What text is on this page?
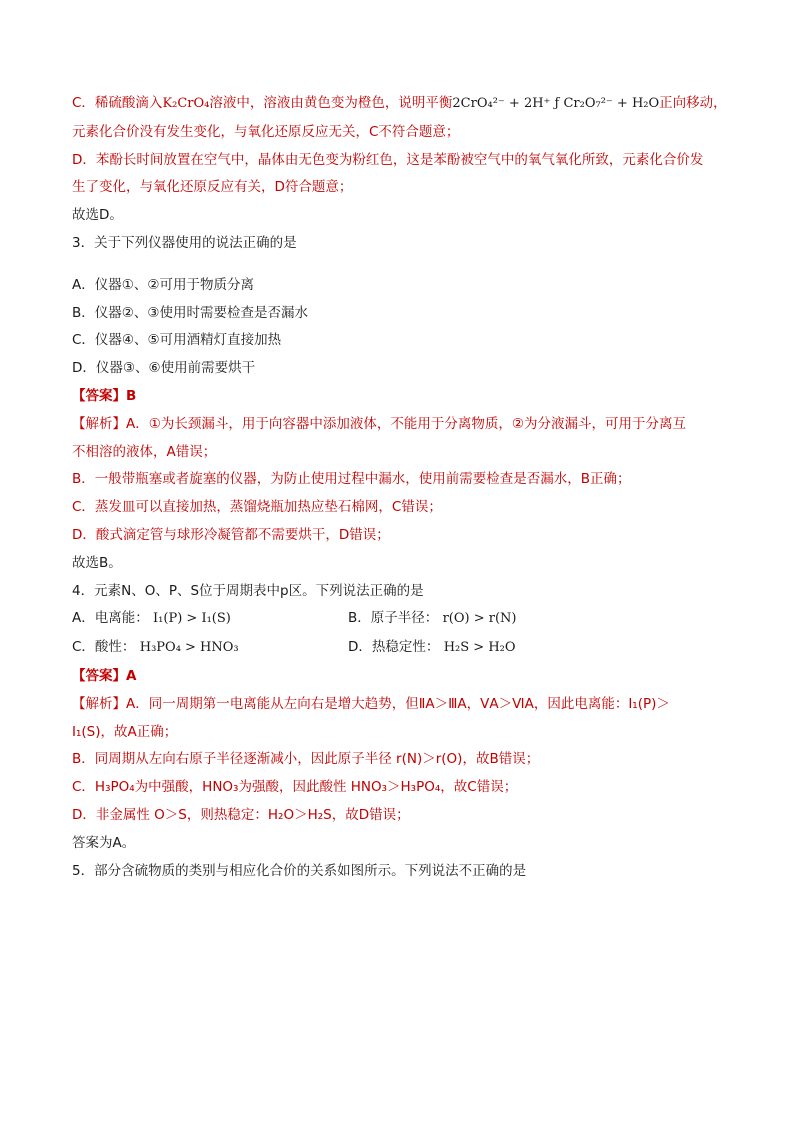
C．稀硫酸滴入K₂CrO₄溶液中，溶液由黄色变为橙色，说明平衡2CrO₄²⁻ + 2H⁺ ƒ Cr₂O₇²⁻ + H₂O正向移动，
元素化合价没有发生变化，与氧化还原反应无关，C不符合题意；
D．苯酚长时间放置在空气中，晶体由无色变为粉红色，这是苯酚被空气中的氧气氧化所致，元素化合价发
生了变化，与氧化还原反应有关，D符合题意；
故选D。
3．关于下列仪器使用的说法正确的是
A．仪器①、②可用于物质分离
B．仪器②、③使用时需要检查是否漏水
C．仪器④、⑤可用酒精灯直接加热
D．仪器③、⑥使用前需要烘干
【答案】B
【解析】A．①为长颈漏斗，用于向容器中添加液体，不能用于分离物质，②为分液漏斗，可用于分离互
不相溶的液体，A错误；
B．一般带瓶塞或者旋塞的仪器，为防止使用过程中漏水，使用前需要检查是否漏水，B正确；
C．蒸发皿可以直接加热，蒸馏烧瓶加热应垫石棉网，C错误；
D．酸式滴定管与球形冷凝管都不需要烘干，D错误；
故选B。
4．元素N、O、P、S位于周期表中p区。下列说法正确的是
A．电离能： I₁(P) > I₁(S)	B．原子半径： r(O) > r(N)
C．酸性： H₃PO₄ > HNO₃	D．热稳定性： H₂S > H₂O
【答案】A
【解析】A．同一周期第一电离能从左向右是增大趋势，但ⅡA＞ⅢA，ⅤA＞ⅥA，因此电离能：I₁(P)＞
I₁(S)，故A正确；
B．同周期从左向右原子半径逐渐减小，因此原子半径 r(N)＞r(O)，故B错误；
C．H₃PO₄为中强酸，HNO₃为强酸，因此酸性 HNO₃＞H₃PO₄，故C错误；
D．非金属性 O＞S，则热稳定：H₂O＞H₂S，故D错误；
答案为A。
5．部分含硫物质的类别与相应化合价的关系如图所示。下列说法不正确的是
